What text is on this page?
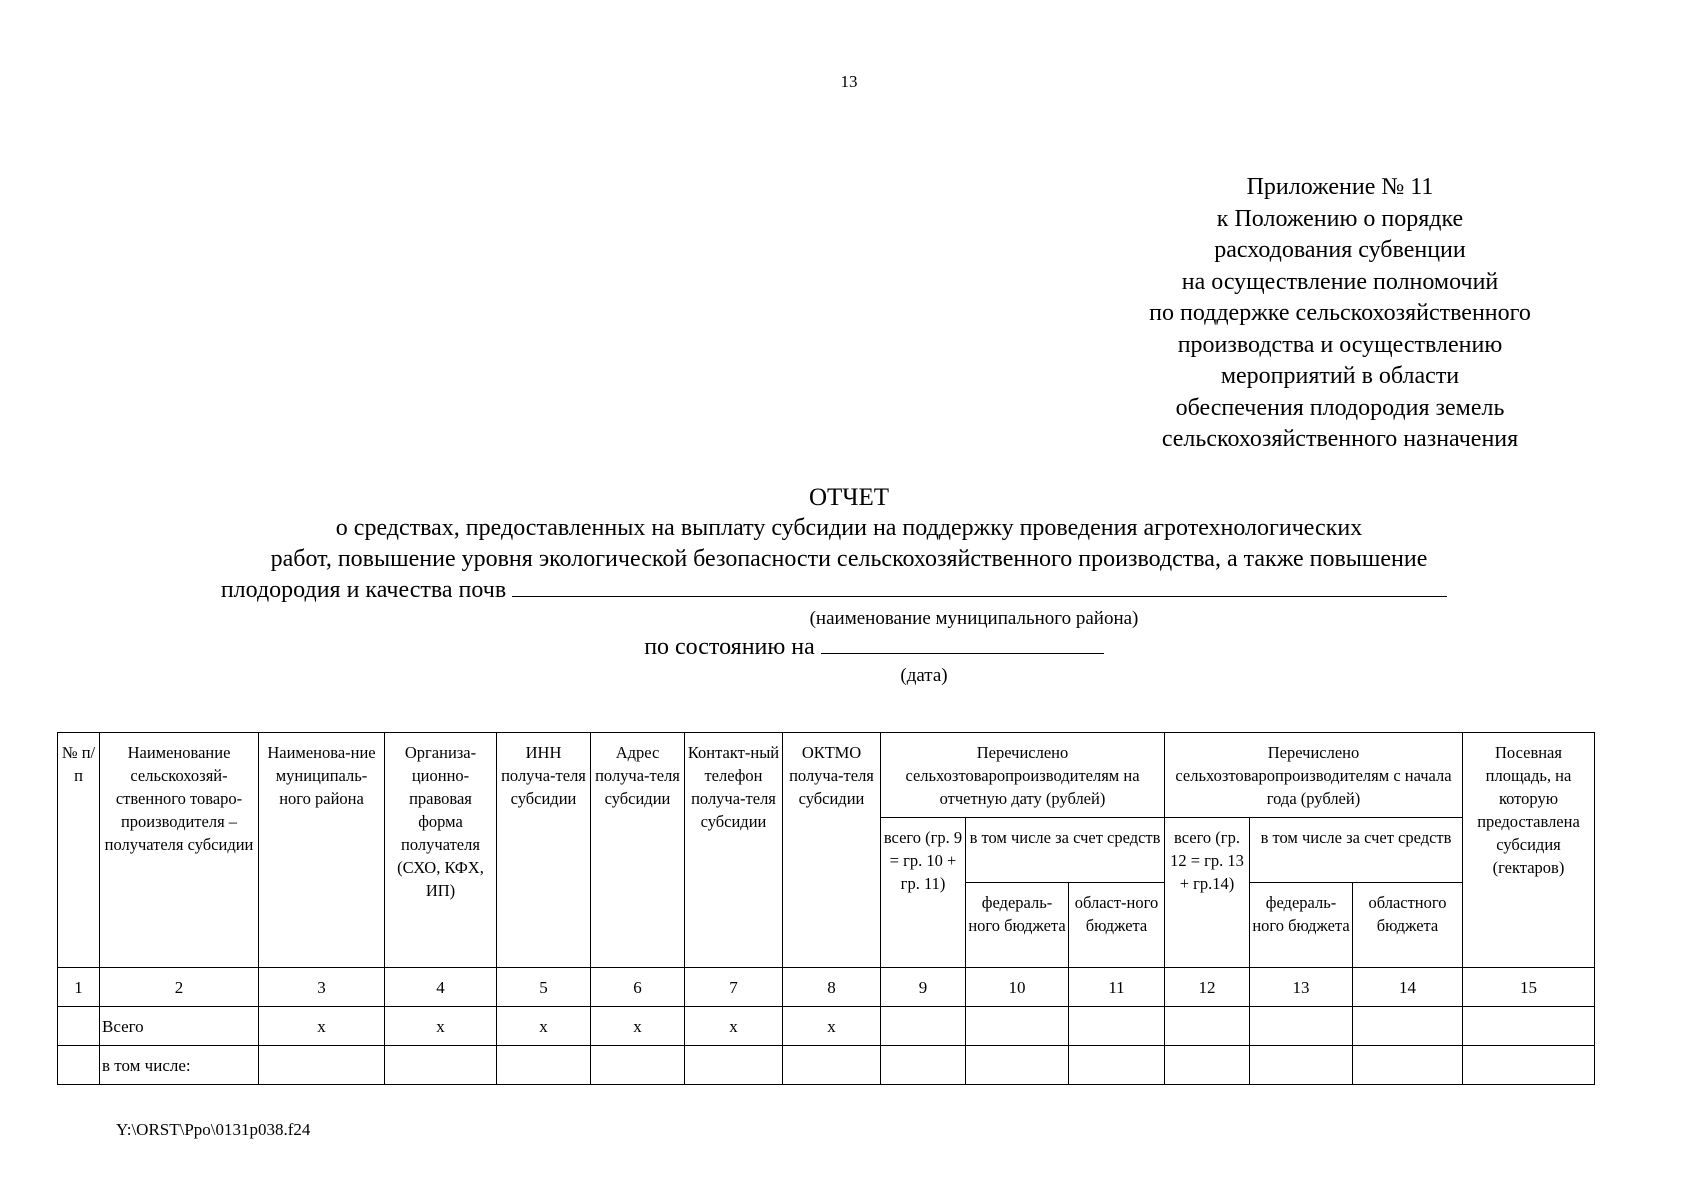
13
Приложение № 11
к Положению о порядке
расходования субвенции
на осуществление полномочий
по поддержке сельскохозяйственного
производства и осуществлению
мероприятий в области
обеспечения плодородия земель
сельскохозяйственного назначения
ОТЧЕТ
о средствах, предоставленных на выплату субсидии на поддержку проведения агротехнологических
работ, повышение уровня экологической безопасности сельскохозяйственного производства, а также повышение
плодородия и качества почв
(наименование муниципального района)
по состоянию на
(дата)
№ п/п	Наименование сельскохозяй-ственного товаро-производителя – получателя субсидии	Наименова-ние муниципаль-ного района	Организа-ционно-правовая форма получателя (СХО, КФХ, ИП)	ИНН получа-теля субсидии	Адрес получа-теля субсидии	Контакт-ный телефон получа-теля субсидии	ОКТМО получа-теля субсидии	Перечислено сельхозтоваропроизводителям на отчетную дату (рублей)			Перечислено сельхозтоваропроизводителям с начала года (рублей)			Посевная площадь, на которую предоставлена субсидия (гектаров)
								всего (гр. 9 = гр. 10 + гр. 11)	в том числе за счет средств		всего (гр. 12 = гр. 13 + гр.14)	в том числе за счет средств		
									федераль-ного бюджета	област-ного бюджета		федераль-ного бюджета	областного бюджета	
1	2	3	4	5	6	7	8	9	10	11	12	13	14	15
	Всего	x	x	x	x	x	x							
	в том числе:													
Y:\ORST\Ppo\0131p038.f24
